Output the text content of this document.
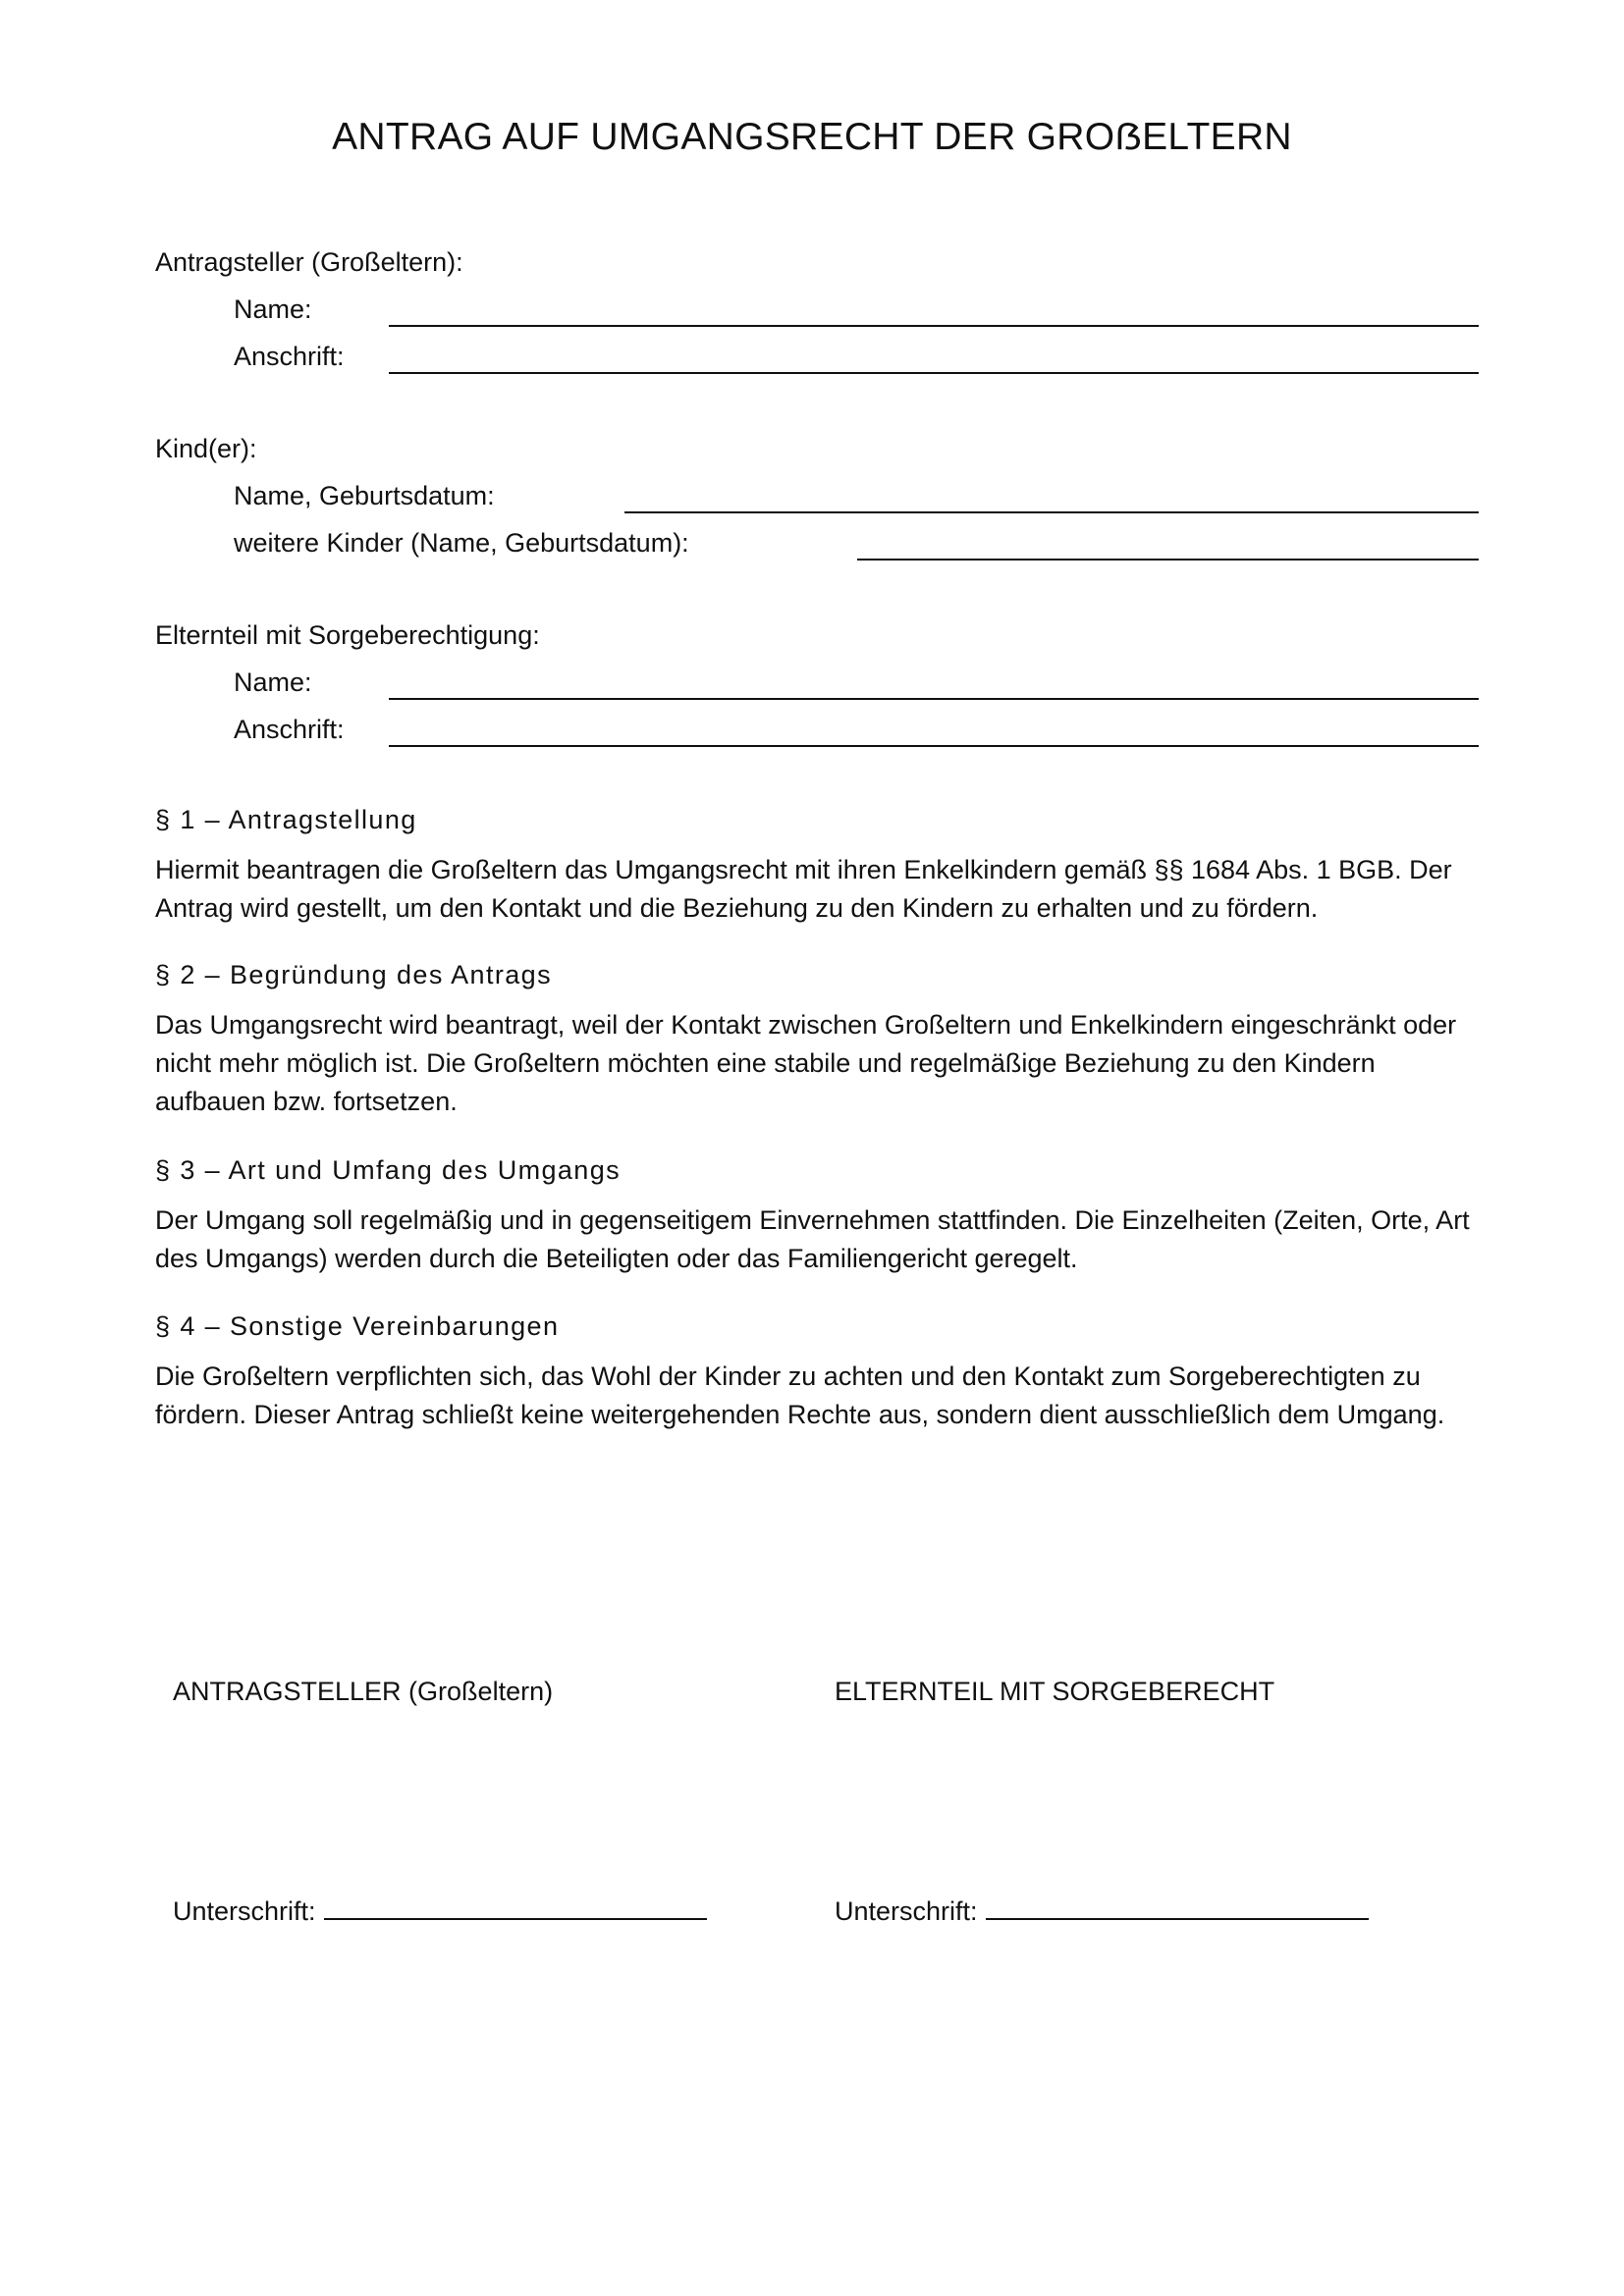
ANTRAG AUF UMGANGSRECHT DER GROẞELTERN
Antragsteller (Großeltern):
Name:
Anschrift:
Kind(er):
Name, Geburtsdatum:
weitere Kinder (Name, Geburtsdatum):
Elternteil mit Sorgeberechtigung:
Name:
Anschrift:
§ 1 – Antragstellung
Hiermit beantragen die Großeltern das Umgangsrecht mit ihren Enkelkindern gemäß §§ 1684 Abs. 1 BGB. Der Antrag wird gestellt, um den Kontakt und die Beziehung zu den Kindern zu erhalten und zu fördern.
§ 2 – Begründung des Antrags
Das Umgangsrecht wird beantragt, weil der Kontakt zwischen Großeltern und Enkelkindern eingeschränkt oder nicht mehr möglich ist. Die Großeltern möchten eine stabile und regelmäßige Beziehung zu den Kindern aufbauen bzw. fortsetzen.
§ 3 – Art und Umfang des Umgangs
Der Umgang soll regelmäßig und in gegenseitigem Einvernehmen stattfinden. Die Einzelheiten (Zeiten, Orte, Art des Umgangs) werden durch die Beteiligten oder das Familiengericht geregelt.
§ 4 – Sonstige Vereinbarungen
Die Großeltern verpflichten sich, das Wohl der Kinder zu achten und den Kontakt zum Sorgeberechtigten zu fördern. Dieser Antrag schließt keine weitergehenden Rechte aus, sondern dient ausschließlich dem Umgang.
ANTRAGSTELLER (Großeltern)	ELTERNTEIL MIT SORGEBERECHT
Unterschrift:	Unterschrift:
